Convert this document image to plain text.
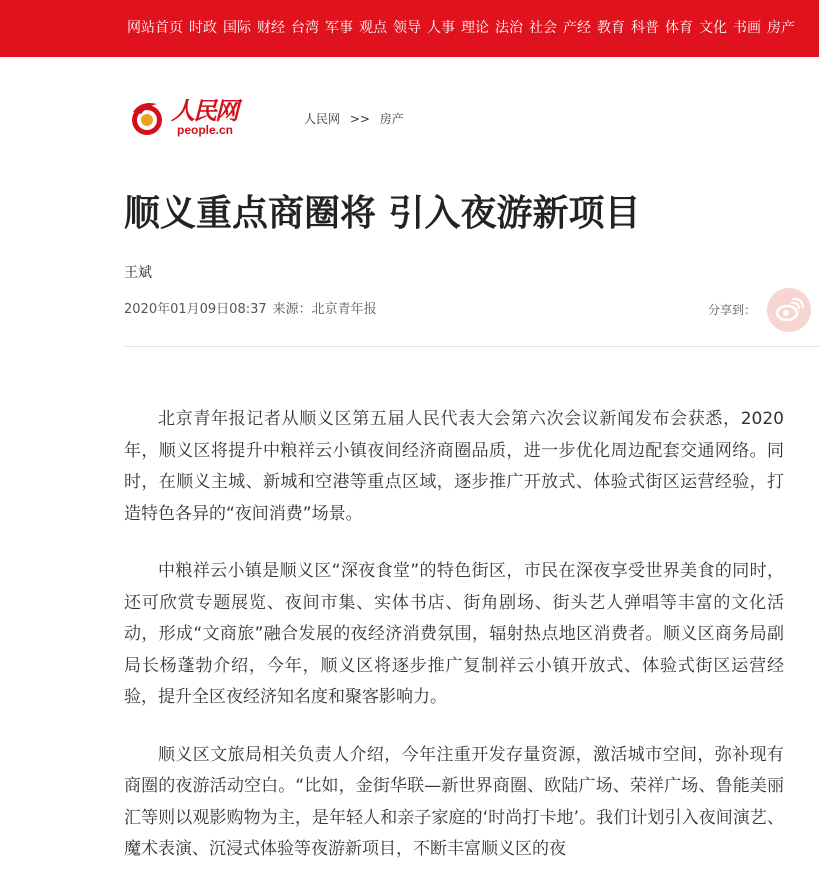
网站首页 时政 国际 财经 台湾 军事 观点 领导 人事 理论 法治 社会 产经 教育 科普 体育 文化 书画 房产
人民网
people.cn
人民网 >> 房产
顺义重点商圈将 引入夜游新项目
王斌
2020年01月09日08:37 来源：北京青年报	分享到：

北京青年报记者从顺义区第五届人民代表大会第六次会议新闻发布会获悉，2020年，顺义区将提升中粮祥云小镇夜间经济商圈品质，进一步优化周边配套交通网络。同时，在顺义主城、新城和空港等重点区域，逐步推广开放式、体验式街区运营经验，打造特色各异的“夜间消费”场景。

中粮祥云小镇是顺义区“深夜食堂”的特色街区，市民在深夜享受世界美食的同时，还可欣赏专题展览、夜间市集、实体书店、街角剧场、街头艺人弹唱等丰富的文化活动，形成“文商旅”融合发展的夜经济消费氛围，辐射热点地区消费者。顺义区商务局副局长杨蓬勃介绍，今年，顺义区将逐步推广复制祥云小镇开放式、体验式街区运营经验，提升全区夜经济知名度和聚客影响力。

顺义区文旅局相关负责人介绍，今年注重开发存量资源，激活城市空间，弥补现有商圈的夜游活动空白。“比如，金街华联—新世界商圈、欧陆广场、荣祥广场、鲁能美丽汇等则以观影购物为主，是年轻人和亲子家庭的‘时尚打卡地’。我们计划引入夜间演艺、魔术表演、沉浸式体验等夜游新项目，不断丰富顺义区的夜
